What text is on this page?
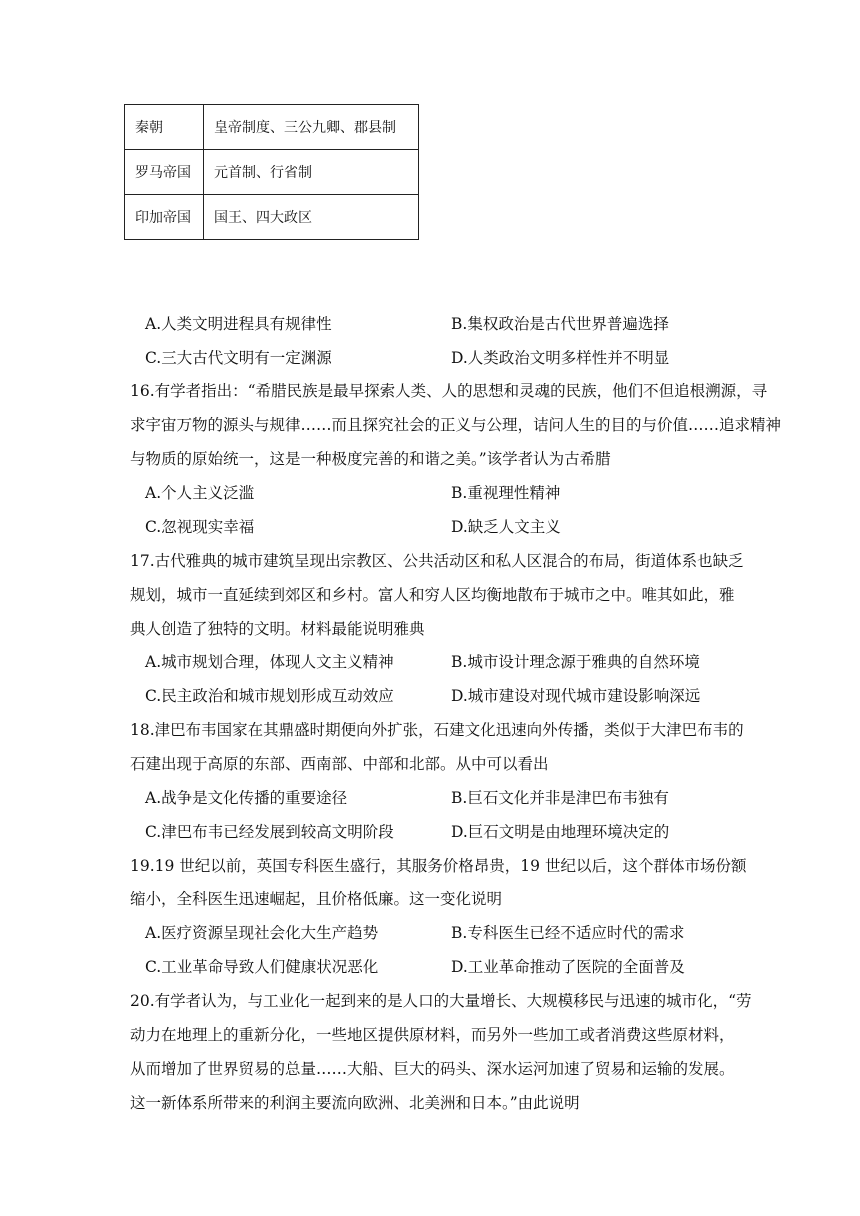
秦朝	皇帝制度、三公九卿、郡县制
罗马帝国	元首制、行省制
印加帝国	国王、四大政区
A.人类文明进程具有规律性	B.集权政治是古代世界普遍选择
C.三大古代文明有一定渊源	D.人类政治文明多样性并不明显
16.有学者指出：“希腊民族是最早探索人类、人的思想和灵魂的民族，他们不但追根溯源，寻
求宇宙万物的源头与规律……而且探究社会的正义与公理，诘问人生的目的与价值……追求精神
与物质的原始统一，这是一种极度完善的和谐之美。”该学者认为古希腊
A.个人主义泛滥	B.重视理性精神
C.忽视现实幸福	D.缺乏人文主义
17.古代雅典的城市建筑呈现出宗教区、公共活动区和私人区混合的布局，街道体系也缺乏
规划，城市一直延续到郊区和乡村。富人和穷人区均衡地散布于城市之中。唯其如此，雅
典人创造了独特的文明。材料最能说明雅典
A.城市规划合理，体现人文主义精神	B.城市设计理念源于雅典的自然环境
C.民主政治和城市规划形成互动效应	D.城市建设对现代城市建设影响深远
18.津巴布韦国家在其鼎盛时期便向外扩张，石建文化迅速向外传播，类似于大津巴布韦的
石建出现于高原的东部、西南部、中部和北部。从中可以看出
A.战争是文化传播的重要途径	B.巨石文化并非是津巴布韦独有
C.津巴布韦已经发展到较高文明阶段	D.巨石文明是由地理环境决定的
19.19 世纪以前，英国专科医生盛行，其服务价格昂贵，19 世纪以后，这个群体市场份额
缩小，全科医生迅速崛起，且价格低廉。这一变化说明
A.医疗资源呈现社会化大生产趋势	B.专科医生已经不适应时代的需求
C.工业革命导致人们健康状况恶化	D.工业革命推动了医院的全面普及
20.有学者认为，与工业化一起到来的是人口的大量增长、大规模移民与迅速的城市化，“劳
动力在地理上的重新分化，一些地区提供原材料，而另外一些加工或者消费这些原材料，
从而增加了世界贸易的总量……大船、巨大的码头、深水运河加速了贸易和运输的发展。
这一新体系所带来的利润主要流向欧洲、北美洲和日本。”由此说明
